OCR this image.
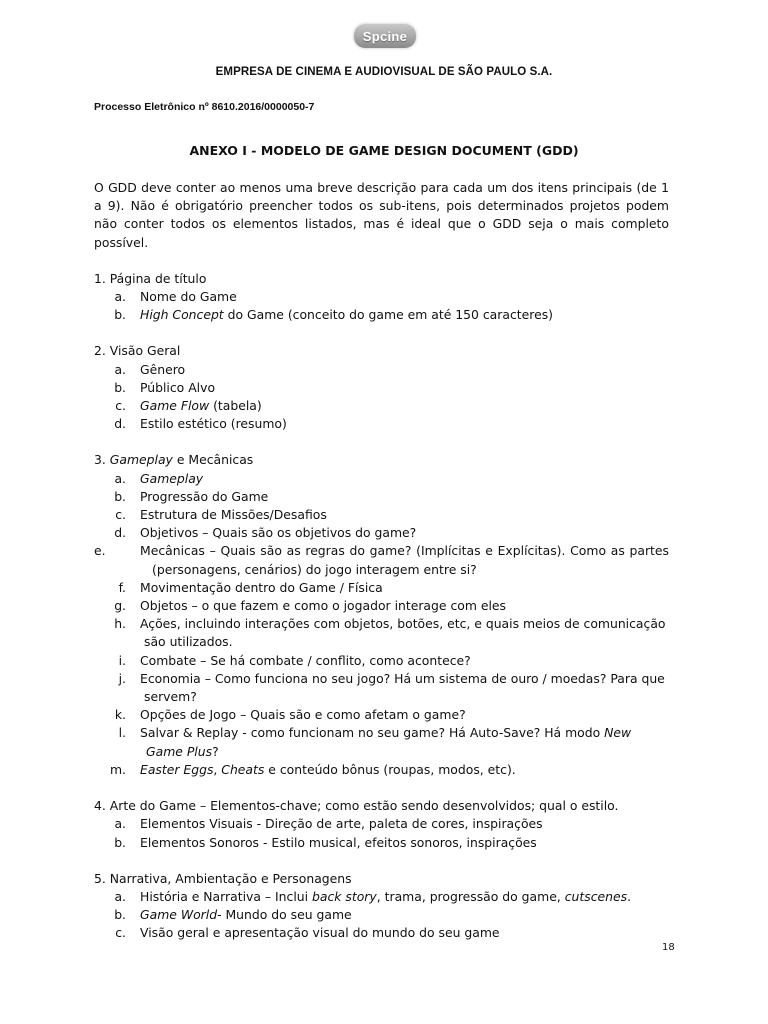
Spcine
EMPRESA DE CINEMA E AUDIOVISUAL DE SÃO PAULO S.A.
Processo Eletrônico nº 8610.2016/0000050-7
ANEXO I - MODELO DE GAME DESIGN DOCUMENT (GDD)

O GDD deve conter ao menos uma breve descrição para cada um dos itens principais (de 1 a 9). Não é obrigatório preencher todos os sub-itens, pois determinados projetos podem não conter todos os elementos listados, mas é ideal que o GDD seja o mais completo possível.

1. Página de título

a. Nome do Game

b. High Concept do Game (conceito do game em até 150 caracteres)

2. Visão Geral

a. Gênero

b. Público Alvo

c. Game Flow (tabela)

d. Estilo estético (resumo)

3. Gameplay e Mecânicas

a. Gameplay

b. Progressão do Game

c. Estrutura de Missões/Desafios

d. Objetivos – Quais são os objetivos do game?

e.	Mecânicas – Quais são as regras do game? (Implícitas e Explícitas). Como as partes

(personagens, cenários) do jogo interagem entre si?

f. Movimentação dentro do Game / Física

g. Objetos – o que fazem e como o jogador interage com eles

h. Ações, incluindo interações com objetos, botões, etc, e quais meios de comunicação

são utilizados.

i. Combate – Se há combate / conflito, como acontece?

j. Economia – Como funciona no seu jogo? Há um sistema de ouro / moedas? Para que

servem?

k. Opções de Jogo – Quais são e como afetam o game?

l. Salvar & Replay - como funcionam no seu game? Há Auto-Save? Há modo New

Game Plus?

m. Easter Eggs, Cheats e conteúdo bônus (roupas, modos, etc).

4. Arte do Game – Elementos-chave; como estão sendo desenvolvidos; qual o estilo.

a. Elementos Visuais - Direção de arte, paleta de cores, inspirações

b. Elementos Sonoros - Estilo musical, efeitos sonoros, inspirações

5. Narrativa, Ambientação e Personagens

a. História e Narrativa – Inclui back story, trama, progressão do game, cutscenes.

b. Game World- Mundo do seu game

c. Visão geral e apresentação visual do mundo do seu game

18
